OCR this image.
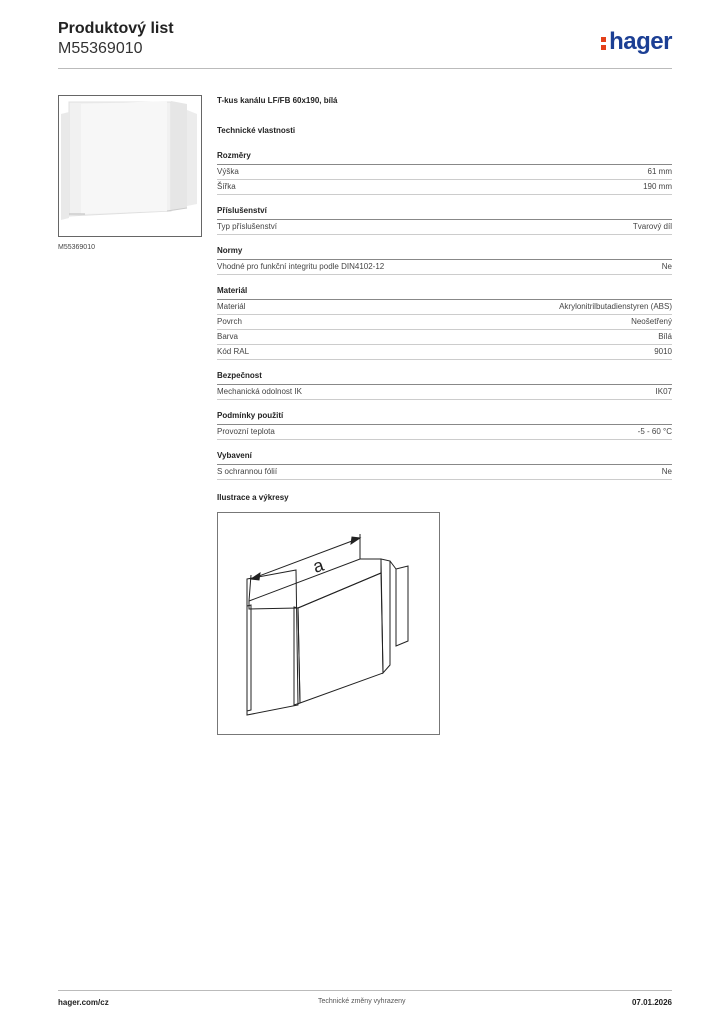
Produktový list
M55369010	hager
M55369010
T-kus kanálu LF/FB 60x190, bílá
Technické vlastnosti
Rozměry
Výška	61 mm
Šířka	190 mm
Příslušenství
Typ příslušenství	Tvarový díl
Normy
Vhodné pro funkční integritu podle DIN4102-12	Ne
Materiál
Materiál	Akrylonitrilbutadienstyren (ABS)
Povrch	Neošetřený
Barva	Bílá
Kód RAL	9010
Bezpečnost
Mechanická odolnost IK	IK07
Podmínky použití
Provozní teplota	-5 - 60 °C
Vybavení
S ochrannou fólií	Ne
Ilustrace a výkresy
a
hager.com/cz	Technické změny vyhrazeny	07.01.2026
